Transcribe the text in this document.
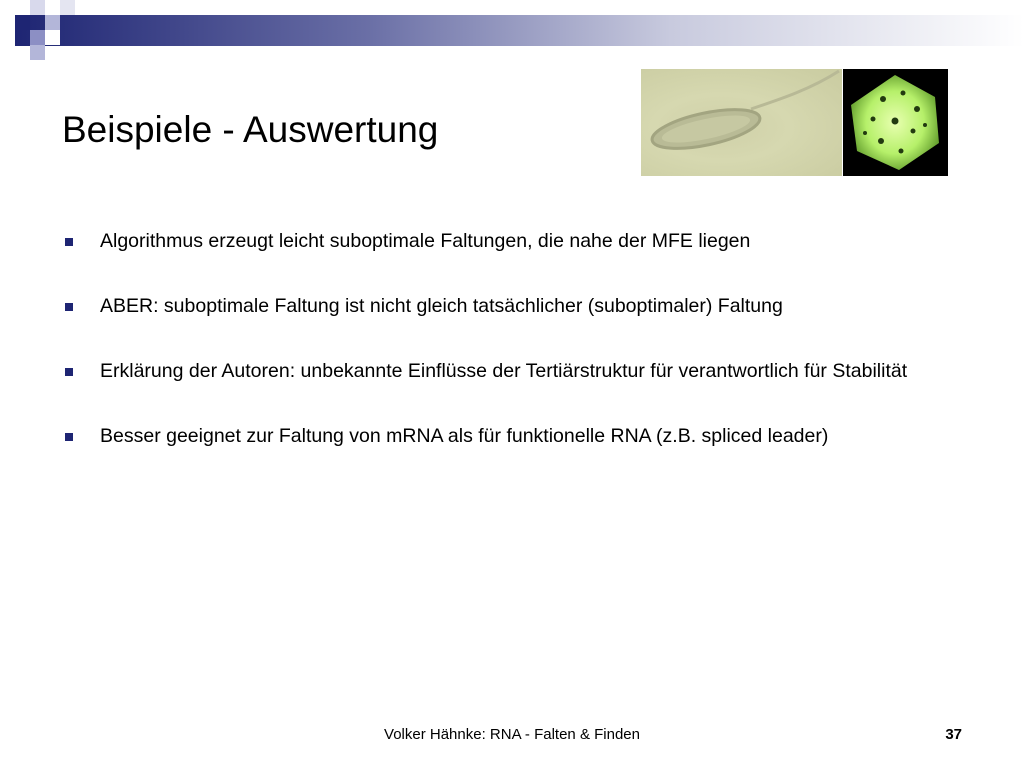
Beispiele - Auswertung
Algorithmus erzeugt leicht suboptimale Faltungen, die nahe der MFE liegen
ABER: suboptimale Faltung ist nicht gleich tatsächlicher (suboptimaler) Faltung
Erklärung der Autoren: unbekannte Einflüsse der Tertiärstruktur für verantwortlich für Stabilität
Besser geeignet zur Faltung von mRNA als für funktionelle RNA (z.B. spliced leader)
Volker Hähnke: RNA - Falten & Finden	37
